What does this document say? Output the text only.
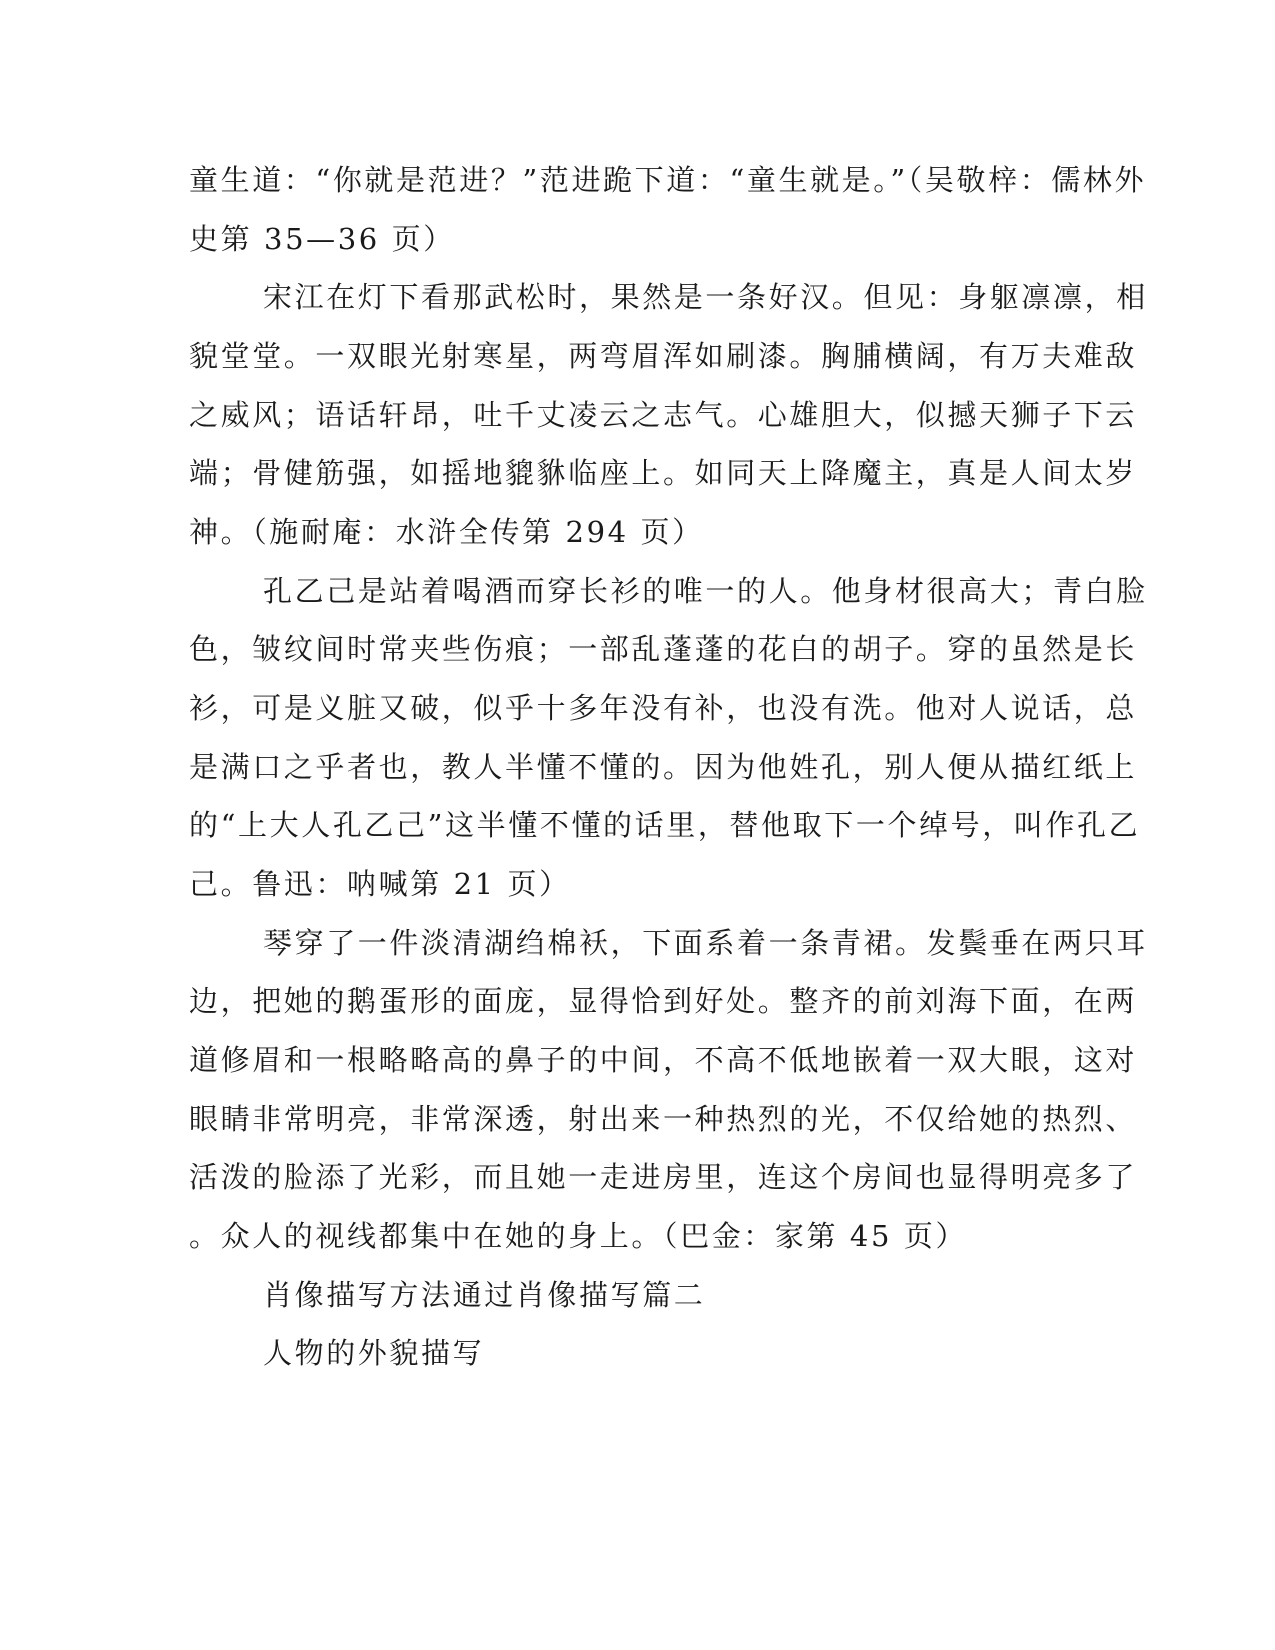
童生道：“你就是范进？”范进跪下道：“童生就是。”（吴敬梓：儒林外

史第 35—36 页）

宋江在灯下看那武松时，果然是一条好汉。但见：身躯凛凛，相

貌堂堂。一双眼光射寒星，两弯眉浑如刷漆。胸脯横阔，有万夫难敌

之威风；语话轩昂，吐千丈凌云之志气。心雄胆大，似撼天狮子下云

端；骨健筋强，如摇地貔貅临座上。如同天上降魔主，真是人间太岁

神。（施耐庵：水浒全传第 294 页）

孔乙己是站着喝酒而穿长衫的唯一的人。他身材很高大；青白脸

色，皱纹间时常夹些伤痕；一部乱蓬蓬的花白的胡子。穿的虽然是长

衫，可是义脏又破，似乎十多年没有补，也没有洗。他对人说话，总

是满口之乎者也，教人半懂不懂的。因为他姓孔，别人便从描红纸上

的“上大人孔乙己”这半懂不懂的话里，替他取下一个绰号，叫作孔乙

己。鲁迅：呐喊第 21 页）

琴穿了一件淡清湖绉棉袄，下面系着一条青裙。发鬓垂在两只耳

边，把她的鹅蛋形的面庞，显得恰到好处。整齐的前刘海下面，在两

道修眉和一根略略高的鼻子的中间，不高不低地嵌着一双大眼，这对

眼睛非常明亮，非常深透，射出来一种热烈的光，不仅给她的热烈、

活泼的脸添了光彩，而且她一走进房里，连这个房间也显得明亮多了

。众人的视线都集中在她的身上。（巴金：家第 45 页）

肖像描写方法通过肖像描写篇二

人物的外貌描写
